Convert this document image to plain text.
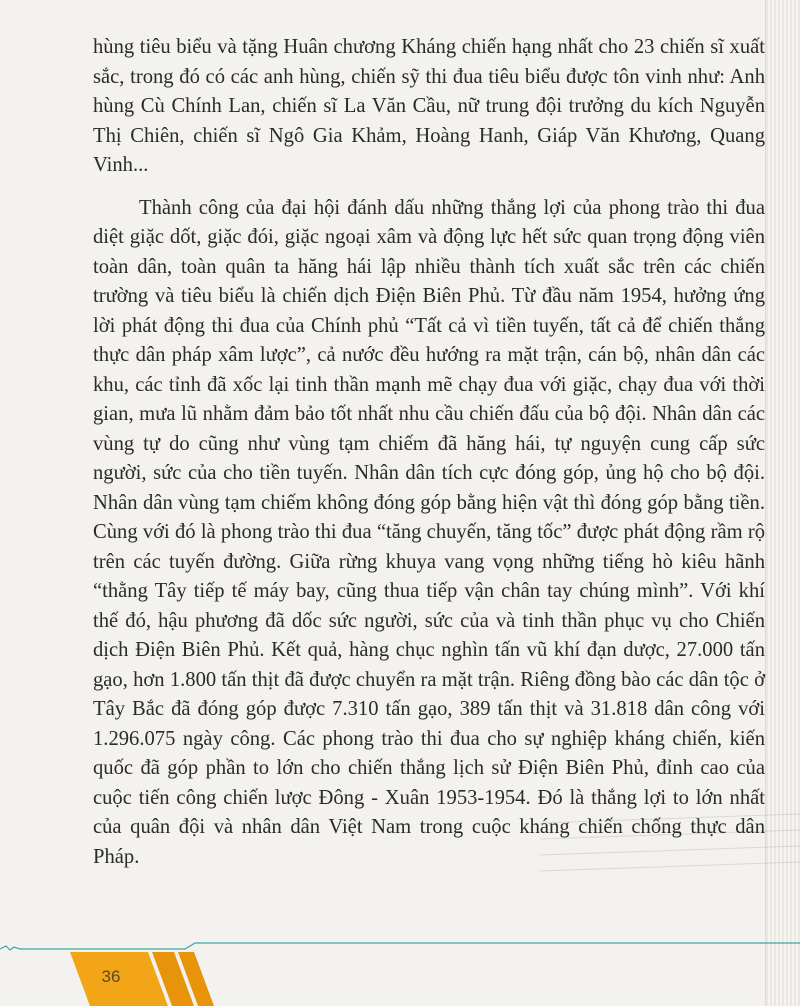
hùng tiêu biểu và tặng Huân chương Kháng chiến hạng nhất cho 23 chiến sĩ xuất sắc, trong đó có các anh hùng, chiến sỹ thi đua tiêu biểu được tôn vinh như: Anh hùng Cù Chính Lan, chiến sĩ La Văn Cầu, nữ trung đội trưởng du kích Nguyễn Thị Chiên, chiến sĩ Ngô Gia Khảm, Hoàng Hanh, Giáp Văn Khương, Quang Vinh...

Thành công của đại hội đánh dấu những thắng lợi của phong trào thi đua diệt giặc dốt, giặc đói, giặc ngoại xâm và động lực hết sức quan trọng động viên toàn dân, toàn quân ta hăng hái lập nhiều thành tích xuất sắc trên các chiến trường và tiêu biểu là chiến dịch Điện Biên Phủ. Từ đầu năm 1954, hưởng ứng lời phát động thi đua của Chính phủ “Tất cả vì tiền tuyến, tất cả để chiến thắng thực dân pháp xâm lược”, cả nước đều hướng ra mặt trận, cán bộ, nhân dân các khu, các tỉnh đã xốc lại tinh thần mạnh mẽ chạy đua với giặc, chạy đua với thời gian, mưa lũ nhằm đảm bảo tốt nhất nhu cầu chiến đấu của bộ đội. Nhân dân các vùng tự do cũng như vùng tạm chiếm đã hăng hái, tự nguyện cung cấp sức người, sức của cho tiền tuyến. Nhân dân tích cực đóng góp, ủng hộ cho bộ đội. Nhân dân vùng tạm chiếm không đóng góp bằng hiện vật thì đóng góp bằng tiền. Cùng với đó là phong trào thi đua “tăng chuyến, tăng tốc” được phát động rầm rộ trên các tuyến đường. Giữa rừng khuya vang vọng những tiếng hò kiêu hãnh “thằng Tây tiếp tế máy bay, cũng thua tiếp vận chân tay chúng mình”. Với khí thế đó, hậu phương đã dốc sức người, sức của và tinh thần phục vụ cho Chiến dịch Điện Biên Phủ. Kết quả, hàng chục nghìn tấn vũ khí đạn dược, 27.000 tấn gạo, hơn 1.800 tấn thịt đã được chuyển ra mặt trận. Riêng đồng bào các dân tộc ở Tây Bắc đã đóng góp được 7.310 tấn gạo, 389 tấn thịt và 31.818 dân công với 1.296.075 ngày công. Các phong trào thi đua cho sự nghiệp kháng chiến, kiến quốc đã góp phần to lớn cho chiến thắng lịch sử Điện Biên Phủ, đỉnh cao của cuộc tiến công chiến lược Đông - Xuân 1953-1954. Đó là thắng lợi to lớn nhất của quân đội và nhân dân Việt Nam trong cuộc kháng chiến chống thực dân Pháp.

36
